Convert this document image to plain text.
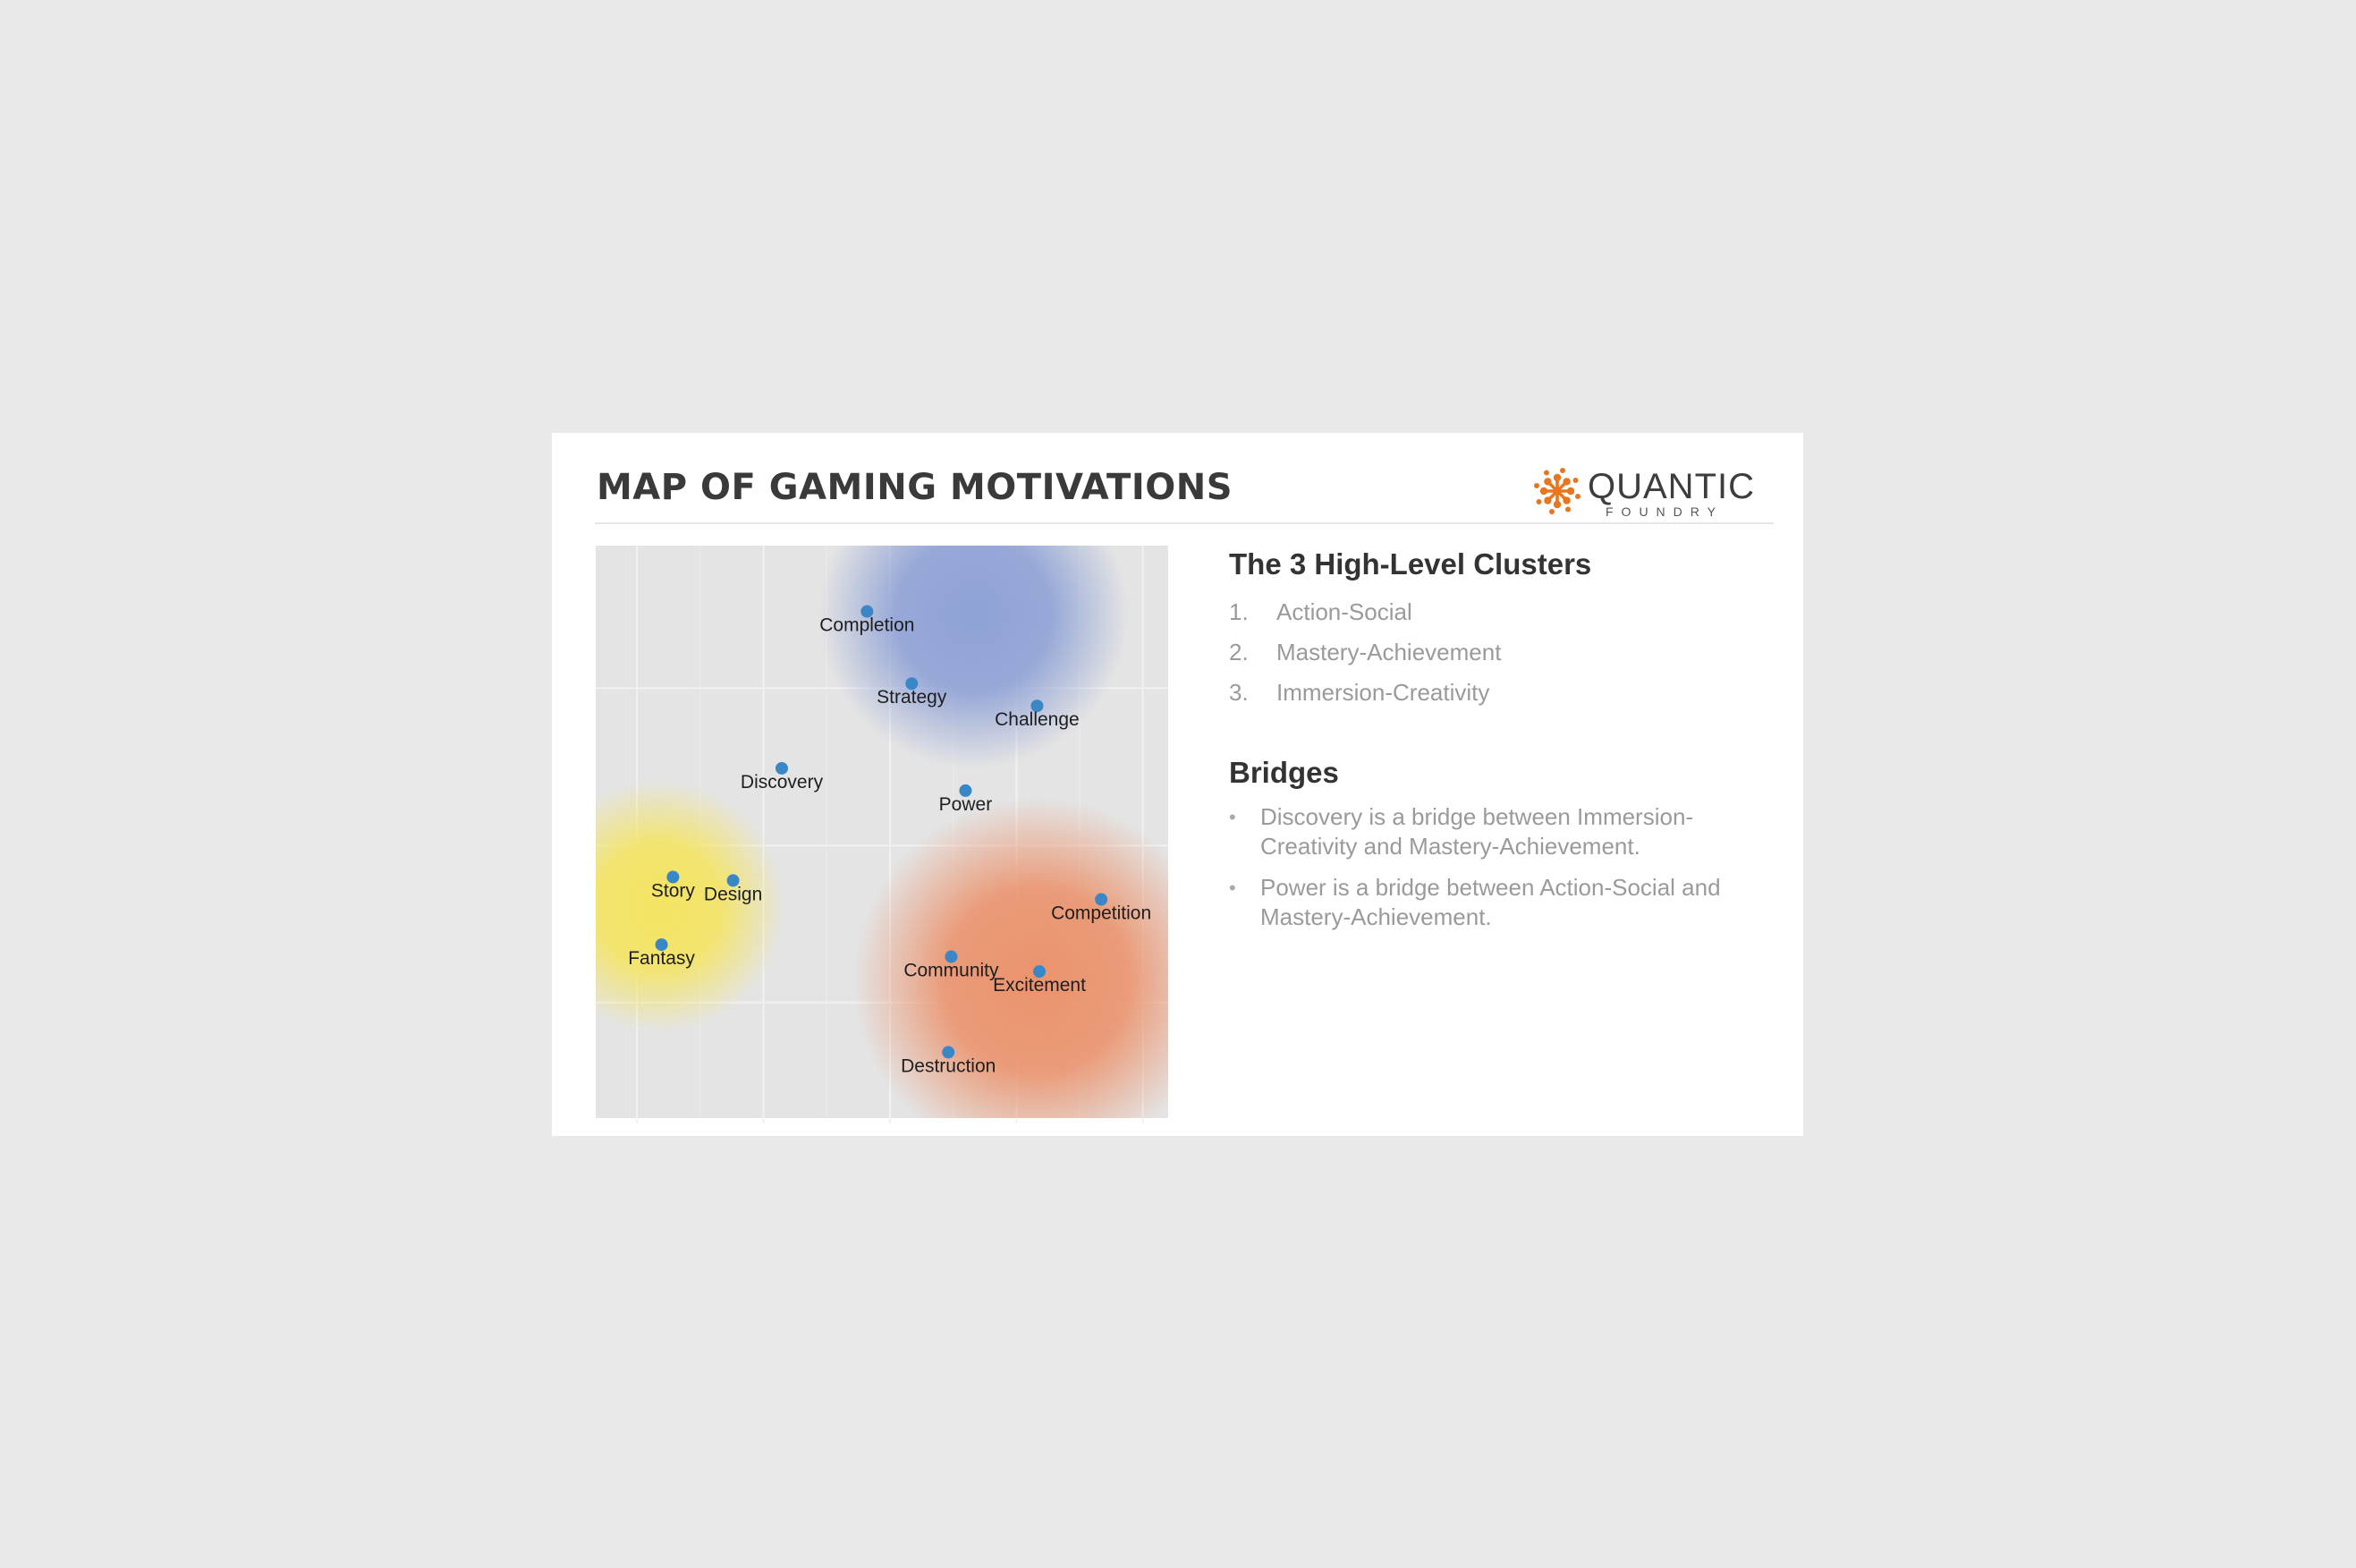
MAP OF GAMING MOTIVATIONS	QUANTIC
FOUNDRY
Completion
Strategy
Challenge
Discovery
Power
Story Design
Competition
Fantasy
Community
Excitement
Destruction
The 3 High-Level Clusters
1. Action-Social
2. Mastery-Achievement
3. Immersion-Creativity
Bridges
• Discovery is a bridge between Immersion-Creativity and Mastery-Achievement.
• Power is a bridge between Action-Social and Mastery-Achievement.
